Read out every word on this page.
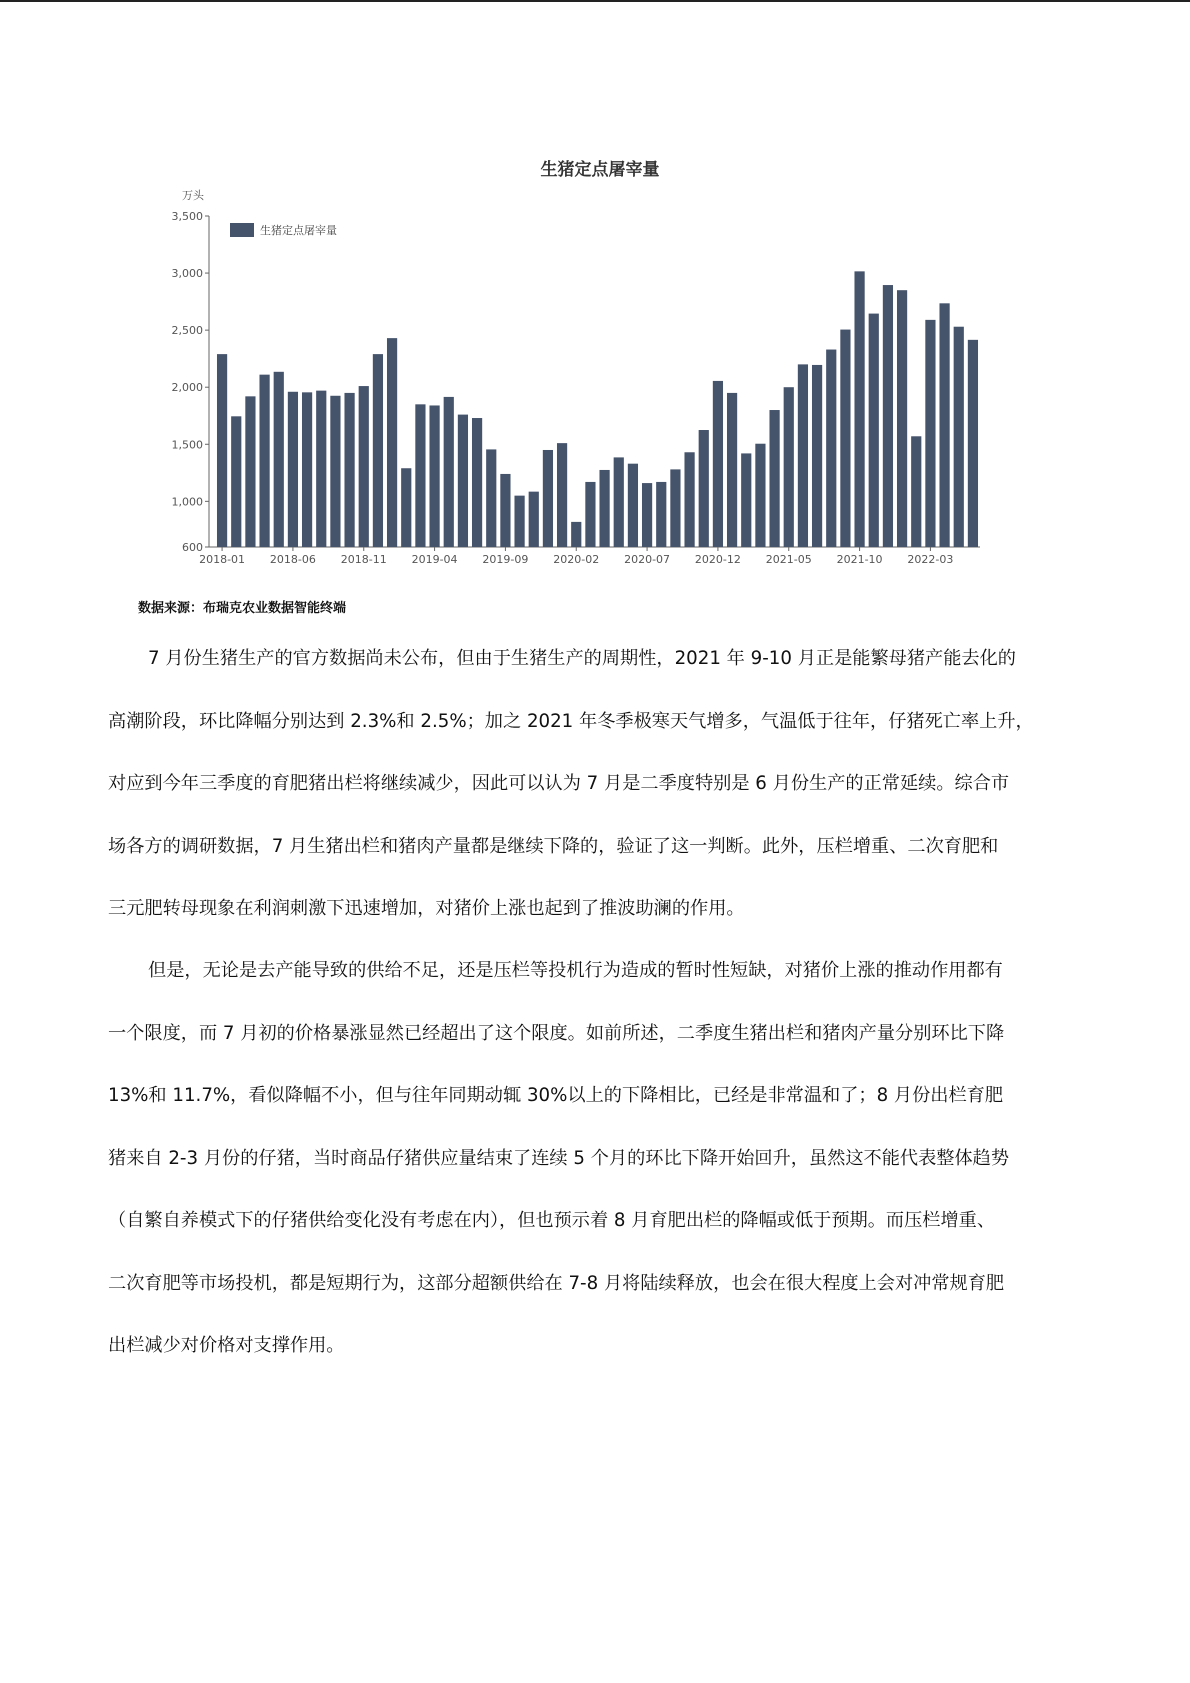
生猪定点屠宰量
600
1,000
1,500
2,000
2,500
3,000
3,500
万头
2018-01 2018-06 2018-11 2019-04 2019-09 2020-02 2020-07 2020-12 2021-05 2021-10 2022-03
生猪定点屠宰量
数据来源：布瑞克农业数据智能终端
7 月份生猪生产的官方数据尚未公布，但由于生猪生产的周期性，2021 年 9-10 月正是能繁母猪产能去化的
高潮阶段，环比降幅分别达到 2.3%和 2.5%；加之 2021 年冬季极寒天气增多，气温低于往年，仔猪死亡率上升，
对应到今年三季度的育肥猪出栏将继续减少，因此可以认为 7 月是二季度特别是 6 月份生产的正常延续。综合市
场各方的调研数据，7 月生猪出栏和猪肉产量都是继续下降的，验证了这一判断。此外，压栏增重、二次育肥和
三元肥转母现象在利润刺激下迅速增加，对猪价上涨也起到了推波助澜的作用。
但是，无论是去产能导致的供给不足，还是压栏等投机行为造成的暂时性短缺，对猪价上涨的推动作用都有
一个限度，而 7 月初的价格暴涨显然已经超出了这个限度。如前所述，二季度生猪出栏和猪肉产量分别环比下降
13%和 11.7%，看似降幅不小，但与往年同期动辄 30%以上的下降相比，已经是非常温和了；8 月份出栏育肥
猪来自 2-3 月份的仔猪，当时商品仔猪供应量结束了连续 5 个月的环比下降开始回升，虽然这不能代表整体趋势
（自繁自养模式下的仔猪供给变化没有考虑在内），但也预示着 8 月育肥出栏的降幅或低于预期。而压栏增重、
二次育肥等市场投机，都是短期行为，这部分超额供给在 7-8 月将陆续释放，也会在很大程度上会对冲常规育肥
出栏减少对价格对支撑作用。
